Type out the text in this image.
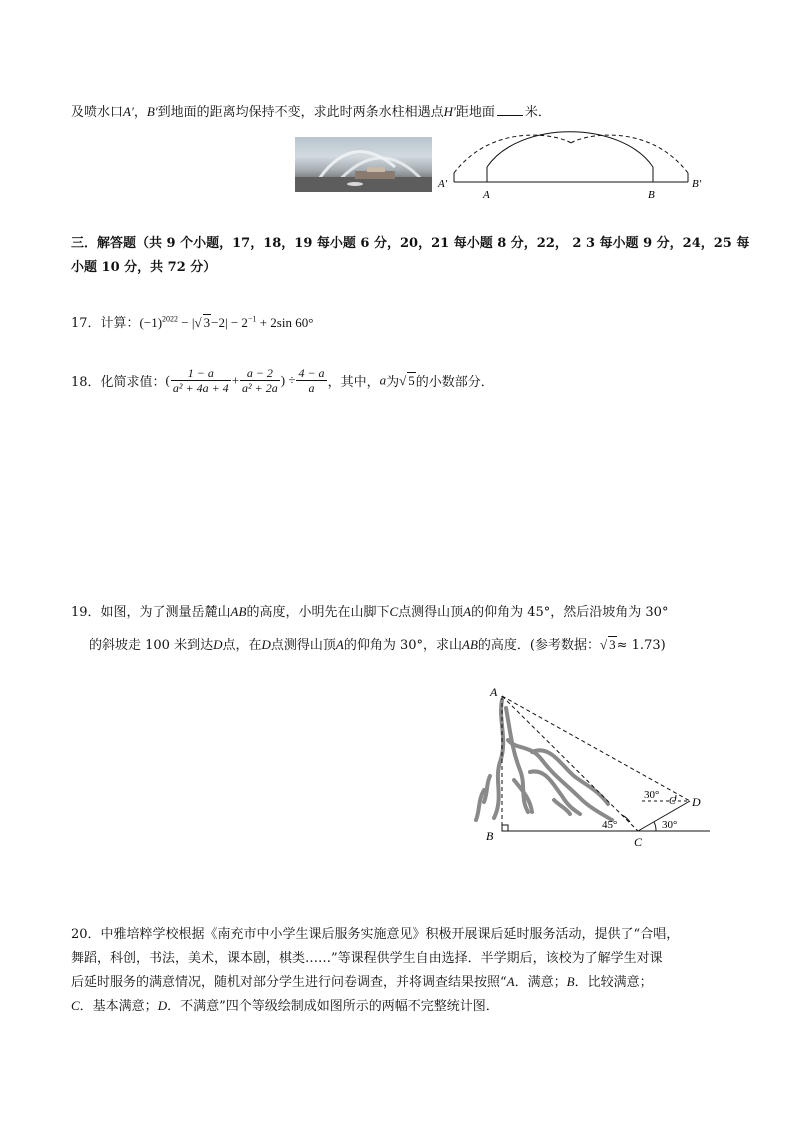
及喷水口A′，B′到地面的距离均保持不变，求此时两条水柱相遇点H′距地面 米．
A′
A	B
B′
三．解答题（共 9 个小题，17，18，19 每小题 6 分，20，21 每小题 8 分，22， 2 3 每小题 9 分，24，25 每
小题 10 分，共 72 分）
17．计算：$(-1)^{2022}$ − |√ $3-2| - 2^{-1} + 2\sin$ 60°
18．化简求值：( $\frac{1 - a}{\text{a² + 4a + 4}} + \frac{a - 2}{\text{a² + 2a}}$ ) ÷ $\frac{4 - a}{a}$ ，其中，a为√ 5的小数部分．
19．如图，为了测量岳麓山AB的高度，小明先在山脚下C点测得山顶A的仰角为 45°，然后沿坡角为 30°
的斜坡走 100 米到达D点，在D点测得山顶A的仰角为 30°，求山AB的高度．(参考数据：√ 3≈ 1.73)
A
B	C
D
45°	30°
30°
C
20．中雅培粹学校根据《南充市中小学生课后服务实施意见》积极开展课后延时服务活动，提供了“合唱，
舞蹈，科创，书法，美术，课本剧，棋类……”等课程供学生自由选择．半学期后，该校为了解学生对课
后延时服务的满意情况，随机对部分学生进行问卷调查，并将调查结果按照“A．满意；B．比较满意；
C．基本满意；D．不满意”四个等级绘制成如图所示的两幅不完整统计图．
